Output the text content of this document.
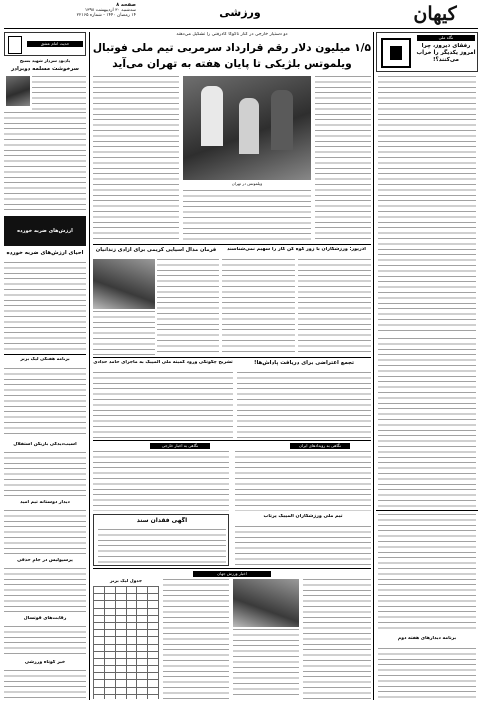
صفحه ۸
سه‌شنبه ۳۰ اردیبهشت ۱۳۹۸
۱۴ رمضان ۱۴۴۰ - شماره ۲۲۱۶۵	ورزشی	کیهان
نگاه ملی
رفقای دیروز، چرا امروز یکدیگر را خراب می‌کنند؟!
برنامه دیدار‌های هفته دوم
حدیث امام عشق
یادبود سردار شهید بسیج
سرخوشت مسلمه دوبرادر
ارزش‌های ضربه خورده
احیای ارزش‌های ضربه خورده
برنامه هفتگی لیگ برتر
آسیب‌دیدگی بازیکن استقلال
دیدار دوستانه تیم امید
پرسپولیس در جام حذفی
رقابت‌های فوتسال
خبر کوتاه ورزشی
دو دستیار خارجی در کنار ناکوکا کادرفنی را تشکیل می‌دهند
۱/۵ میلیون دلار رقم قرارداد سرمربی تیم ملی فوتبال
ویلموتس بلژیکی تا پایان هفته به تهران می‌آید
ویلموتس در تهران
فرمان مدال آسیایی کریمی برای آزادی زندانیان	آذرپور: ورزشکاران با زور کوه کن کار را سهیم نمی‌شناسند
تشریح چگونگی ورود کمیته ملی المپیک به ماجرای حامد حدادی	تجمع اعتراضی برای دریافت پاداش‌ها!
نگاهی به اخبار خارجی	نگاهی به رویدادهای ایران
آگهی فقدان سند
تیم ملی ورزشکاران المپیک پرتاب
اخبار ورزش جهان
جدول لیگ برتر
